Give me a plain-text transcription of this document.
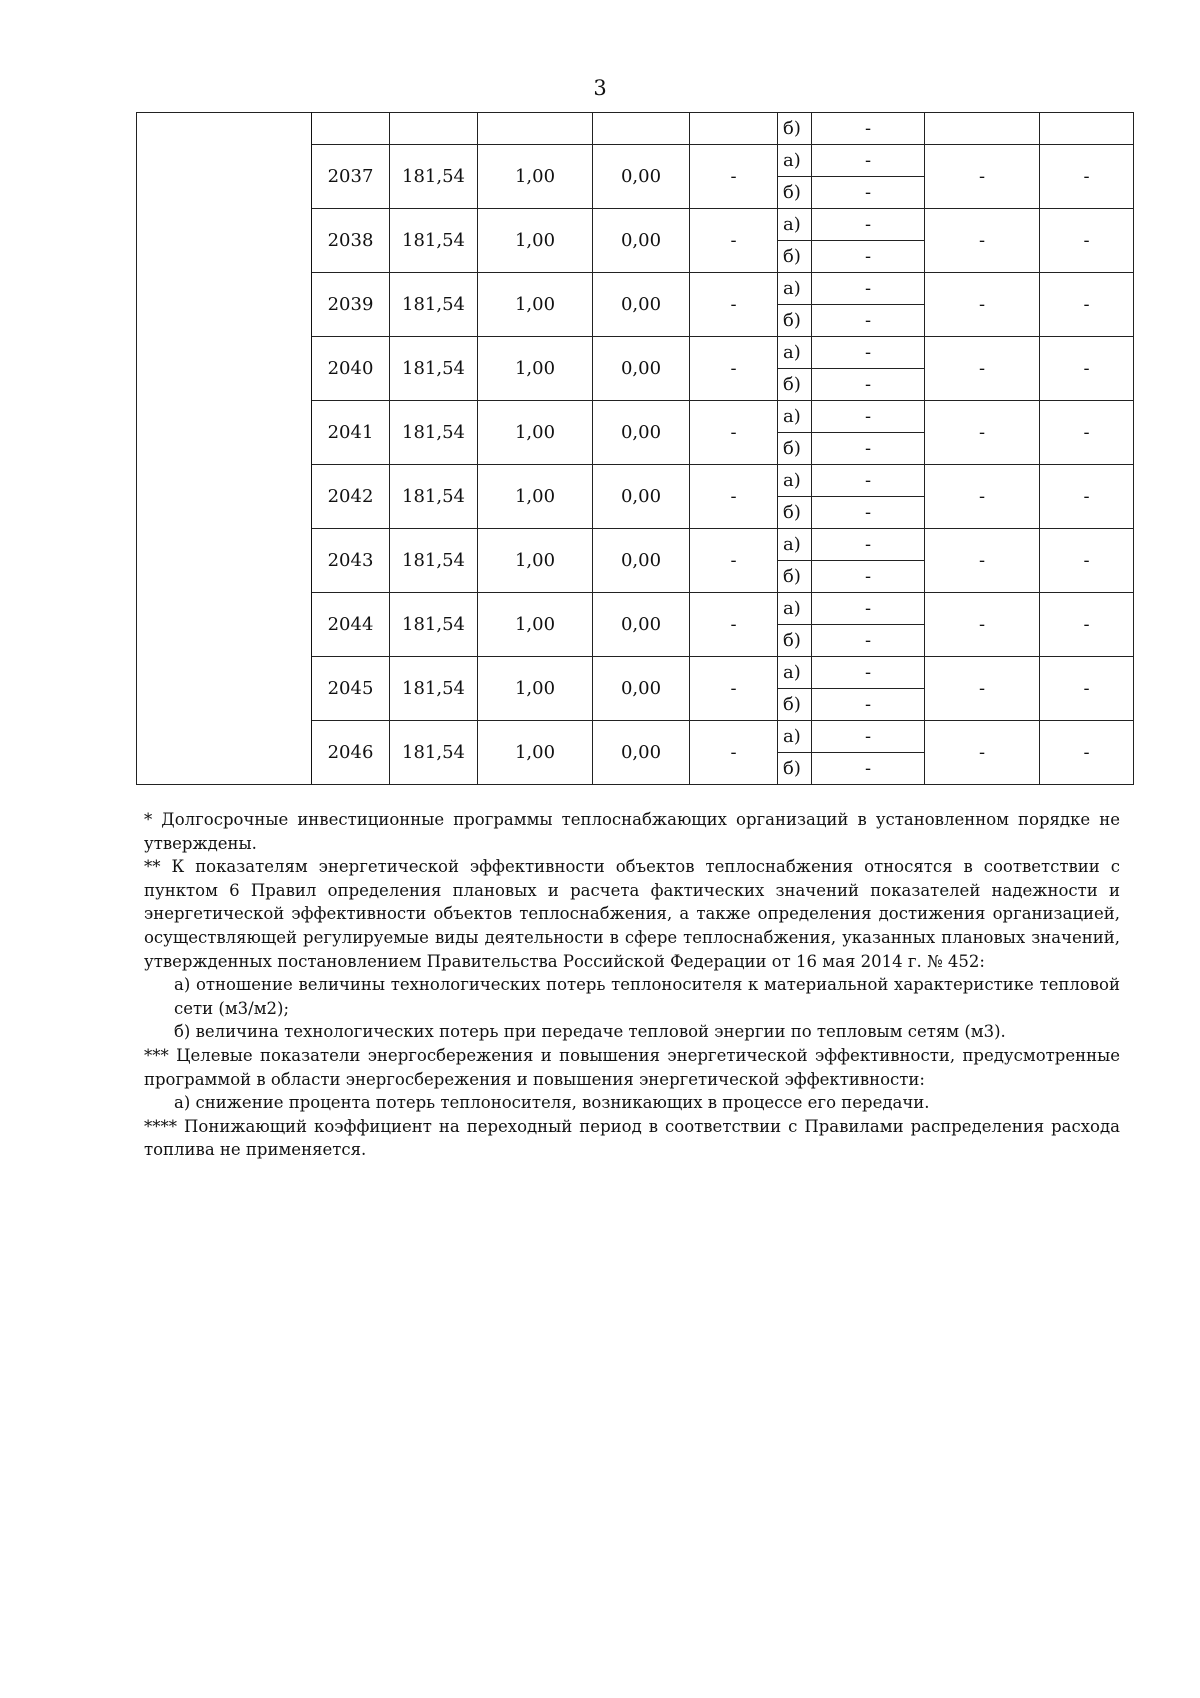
3
						б)	-		
	2037	181,54	1,00	0,00	-	а)	-	-	-
						б)	-		
	2038	181,54	1,00	0,00	-	а)	-	-	-
						б)	-		
	2039	181,54	1,00	0,00	-	а)	-	-	-
						б)	-		
	2040	181,54	1,00	0,00	-	а)	-	-	-
						б)	-		
	2041	181,54	1,00	0,00	-	а)	-	-	-
						б)	-		
	2042	181,54	1,00	0,00	-	а)	-	-	-
						б)	-		
	2043	181,54	1,00	0,00	-	а)	-	-	-
						б)	-		
	2044	181,54	1,00	0,00	-	а)	-	-	-
						б)	-		
	2045	181,54	1,00	0,00	-	а)	-	-	-
						б)	-		
	2046	181,54	1,00	0,00	-	а)	-	-	-
						б)	-		
* Долгосрочные инвестиционные программы теплоснабжающих организаций в установленном порядке не утверждены.
** К показателям энергетической эффективности объектов теплоснабжения относятся в соответствии с пунктом 6 Правил определения плановых и расчета фактических значений показателей надежности и энергетической эффективности объектов теплоснабжения, а также определения достижения организацией, осуществляющей регулируемые виды деятельности в сфере теплоснабжения, указанных плановых значений, утвержденных постановлением Правительства Российской Федерации от 16 мая 2014 г. № 452:
а) отношение величины технологических потерь теплоносителя к материальной характеристике тепловой сети (м3/м2);
б) величина технологических потерь при передаче тепловой энергии по тепловым сетям (м3).
*** Целевые показатели энергосбережения и повышения энергетической эффективности, предусмотренные программой в области энергосбережения и повышения энергетической эффективности:
а) снижение процента потерь теплоносителя, возникающих в процессе его передачи.
**** Понижающий коэффициент на переходный период в соответствии с Правилами распределения расхода топлива не применяется.
